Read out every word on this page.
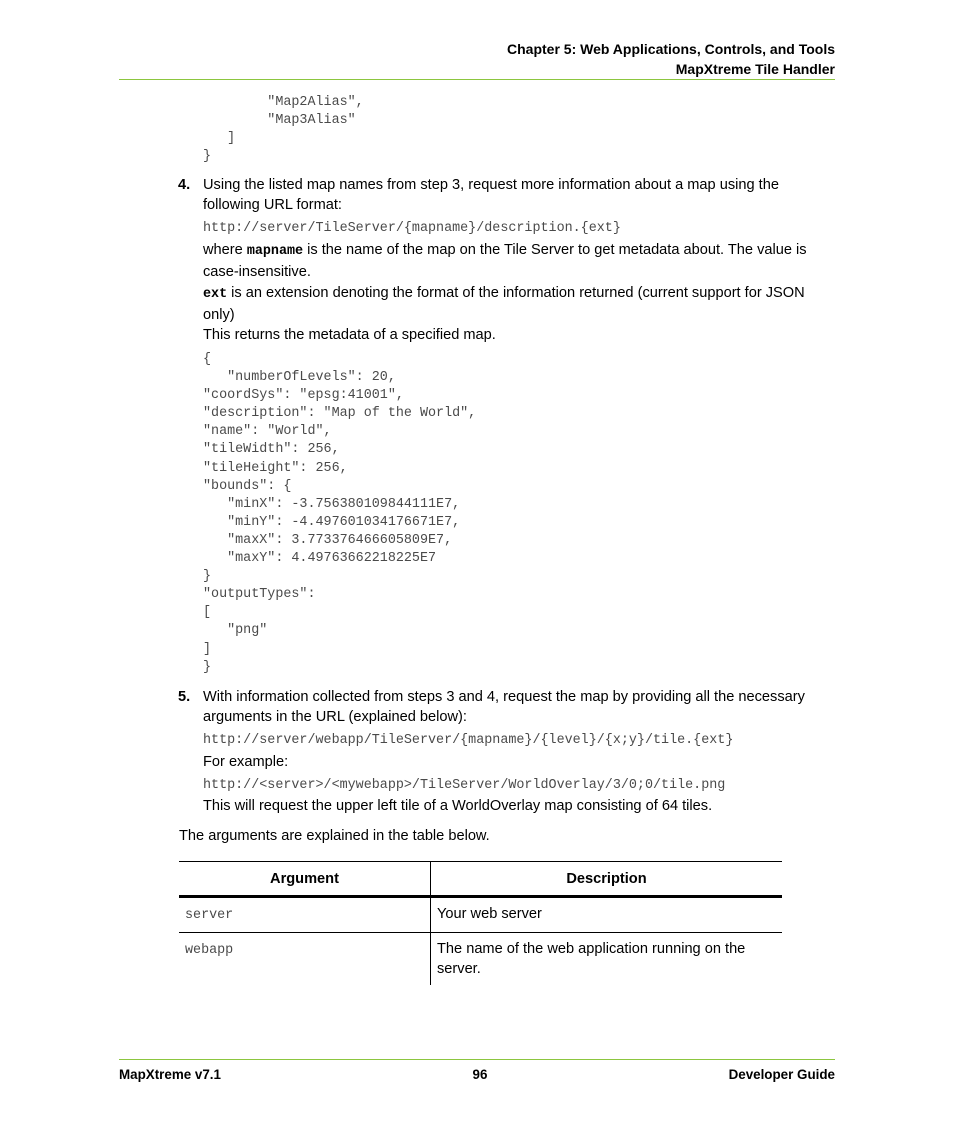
Chapter 5: Web Applications, Controls, and Tools
MapXtreme Tile Handler
"Map2Alias",
"Map3Alias"
]
}
4. Using the listed map names from step 3, request more information about a map using the following URL format:
http://server/TileServer/{mapname}/description.{ext}
where mapname is the name of the map on the Tile Server to get metadata about. The value is case-insensitive.
ext is an extension denoting the format of the information returned (current support for JSON only)
This returns the metadata of a specified map.
{
"numberOfLevels": 20,
"coordSys": "epsg:41001",
"description": "Map of the World",
"name": "World",
"tileWidth": 256,
"tileHeight": 256,
"bounds": {
"minX": -3.756380109844111E7,
"minY": -4.497601034176671E7,
"maxX": 3.773376466605809E7,
"maxY": 4.49763662218225E7
}
"outputTypes":
[
"png"
]
}
5. With information collected from steps 3 and 4, request the map by providing all the necessary arguments in the URL (explained below):
http://server/webapp/TileServer/{mapname}/{level}/{x;y}/tile.{ext}
For example:
http://<server>/<mywebapp>/TileServer/WorldOverlay/3/0;0/tile.png
This will request the upper left tile of a WorldOverlay map consisting of 64 tiles.
The arguments are explained in the table below.
Argument	Description
server	Your web server
webapp	The name of the web application running on the server.
MapXtreme v7.1	96	Developer Guide
